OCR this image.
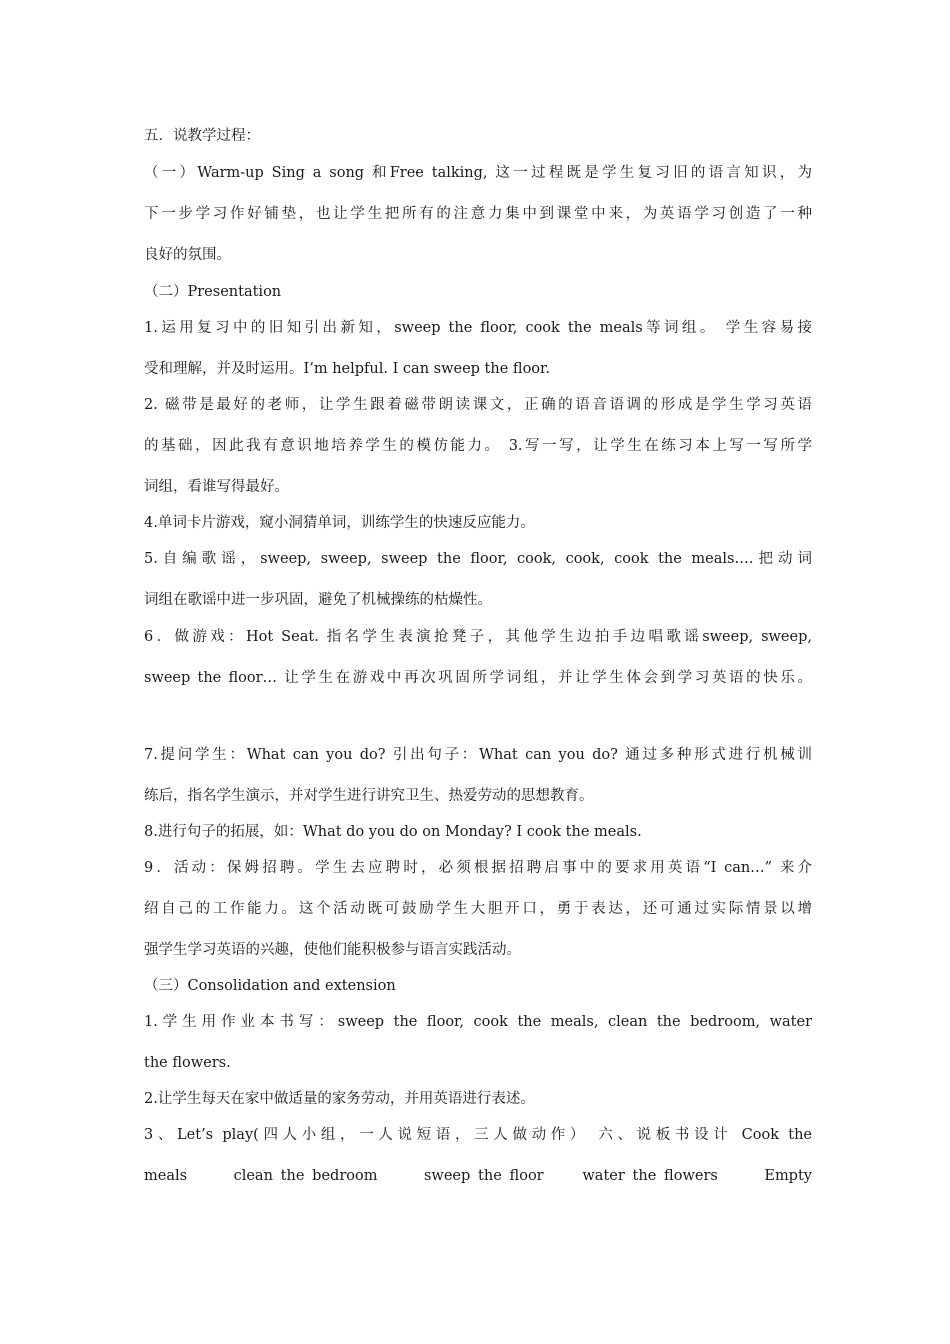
五．说教学过程：
（一）Warm-up Sing a song 和Free talking, 这一过程既是学生复习旧的语言知识，为
下一步学习作好铺垫，也让学生把所有的注意力集中到课堂中来，为英语学习创造了一种
良好的氛围。
（二）Presentation
1.运用复习中的旧知引出新知，sweep the floor, cook the meals等词组。 学生容易接
受和理解，并及时运用。I’m helpful. I can sweep the floor.
2. 磁带是最好的老师，让学生跟着磁带朗读课文，正确的语音语调的形成是学生学习英语
的基础，因此我有意识地培养学生的模仿能力。 3.写一写，让学生在练习本上写一写所学
词组，看谁写得最好。
4.单词卡片游戏，窥小洞猜单词，训练学生的快速反应能力。
5.自编歌谣，sweep, sweep, sweep the floor, cook, cook, cook the meals.…把动词
词组在歌谣中进一步巩固，避免了机械操练的枯燥性。
6．做游戏：Hot Seat. 指名学生表演抢凳子，其他学生边拍手边唱歌谣sweep, sweep,
sweep the floor… 让学生在游戏中再次巩固所学词组，并让学生体会到学习英语的快乐。
7.提问学生：What can you do? 引出句子：What can you do? 通过多种形式进行机械训
练后，指名学生演示，并对学生进行讲究卫生、热爱劳动的思想教育。
8.进行句子的拓展，如：What do you do on Monday? I cook the meals.
9．活动：保姆招聘。学生去应聘时，必须根据招聘启事中的要求用英语“I can…” 来介
绍自己的工作能力。这个活动既可鼓励学生大胆开口，勇于表达，还可通过实际情景以增
强学生学习英语的兴趣，使他们能积极参与语言实践活动。
（三）Consolidation and extension
1.学生用作业本书写：sweep the floor, cook the meals, clean the bedroom, water
the flowers.
2.让学生每天在家中做适量的家务劳动，并用英语进行表述。
3、Let’s play(四人小组，一人说短语，三人做动作） 六、说板书设计 Cook the
meals      clean the bedroom      sweep the floor     water the flowers      Empty
